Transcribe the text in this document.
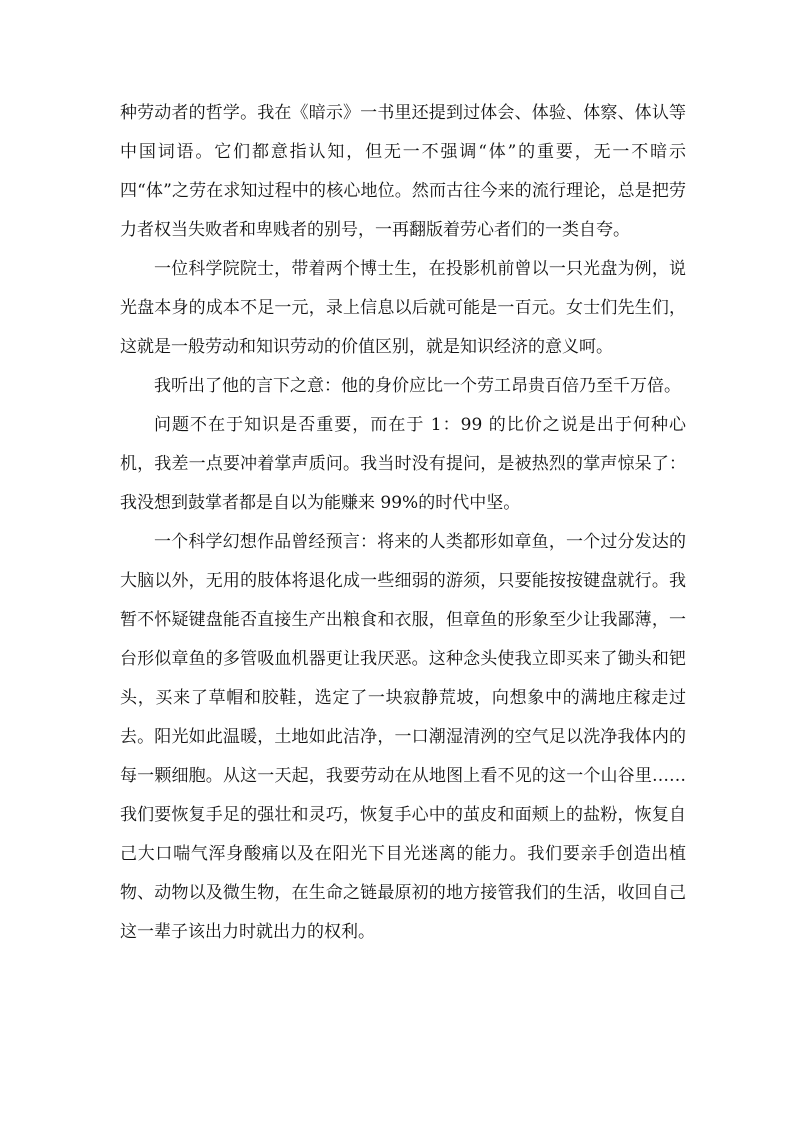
种劳动者的哲学。我在《暗示》一书里还提到过体会、体验、体察、体认等中国词语。它们都意指认知，但无一不强调“体”的重要，无一不暗示四“体”之劳在求知过程中的核心地位。然而古往今来的流行理论，总是把劳力者权当失败者和卑贱者的别号，一再翻版着劳心者们的一类自夸。

一位科学院院士，带着两个博士生，在投影机前曾以一只光盘为例，说光盘本身的成本不足一元，录上信息以后就可能是一百元。女士们先生们，这就是一般劳动和知识劳动的价值区别，就是知识经济的意义呵。

我听出了他的言下之意：他的身价应比一个劳工昂贵百倍乃至千万倍。

问题不在于知识是否重要，而在于 1：99 的比价之说是出于何种心机，我差一点要冲着掌声质问。我当时没有提问，是被热烈的掌声惊呆了：我没想到鼓掌者都是自以为能赚来 99%的时代中坚。

一个科学幻想作品曾经预言：将来的人类都形如章鱼，一个过分发达的大脑以外，无用的肢体将退化成一些细弱的游须，只要能按按键盘就行。我暂不怀疑键盘能否直接生产出粮食和衣服，但章鱼的形象至少让我鄙薄，一台形似章鱼的多管吸血机器更让我厌恶。这种念头使我立即买来了锄头和钯头，买来了草帽和胶鞋，选定了一块寂静荒坡，向想象中的满地庄稼走过去。阳光如此温暖，土地如此洁净，一口潮湿清洌的空气足以洗净我体内的每一颗细胞。从这一天起，我要劳动在从地图上看不见的这一个山谷里……我们要恢复手足的强壮和灵巧，恢复手心中的茧皮和面颊上的盐粉，恢复自己大口喘气浑身酸痛以及在阳光下目光迷离的能力。我们要亲手创造出植物、动物以及微生物，在生命之链最原初的地方接管我们的生活，收回自己这一辈子该出力时就出力的权利。
